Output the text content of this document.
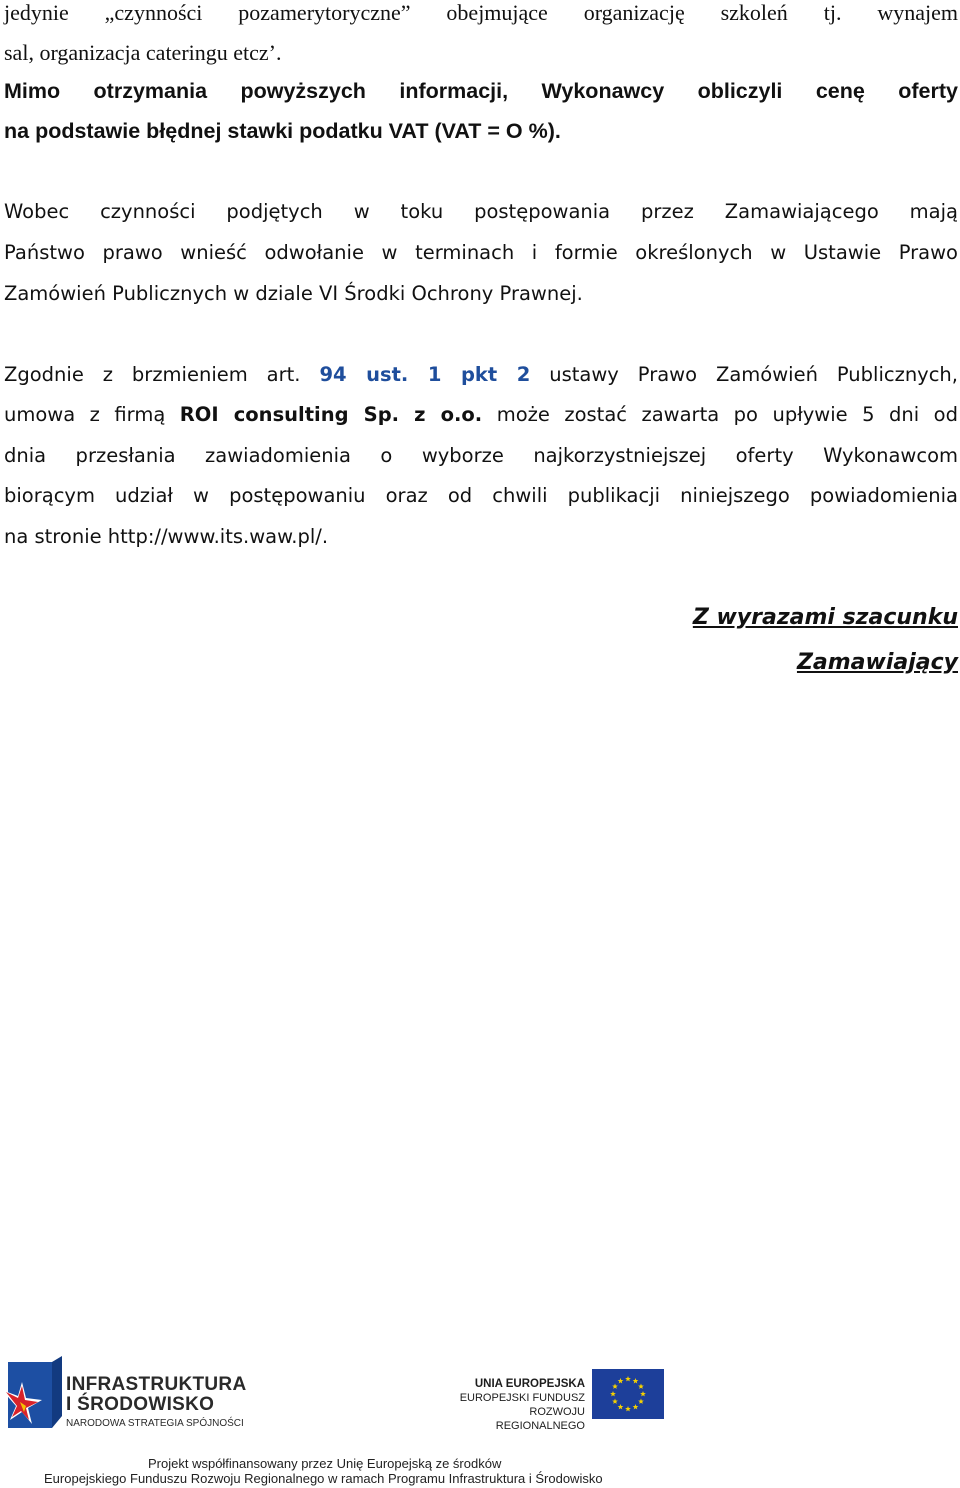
jedynie „czynności pozamerytoryczne” obejmujące organizację szkoleń tj. wynajem
sal, organizacja cateringu etcz’.
Mimo otrzymania powyższych informacji, Wykonawcy obliczyli cenę oferty
na podstawie błędnej stawki podatku VAT (VAT = O %).
Wobec czynności podjętych w toku postępowania przez Zamawiającego mają
Państwo prawo wnieść odwołanie w terminach i formie określonych w Ustawie Prawo
Zamówień Publicznych w dziale VI Środki Ochrony Prawnej.
Zgodnie z brzmieniem art. 94 ust. 1 pkt 2 ustawy Prawo Zamówień Publicznych,
umowa z firmą ROI consulting Sp. z o.o. może zostać zawarta po upływie 5 dni od
dnia przesłania zawiadomienia o wyborze najkorzystniejszej oferty Wykonawcom
biorącym udział w postępowaniu oraz od chwili publikacji niniejszego powiadomienia
na stronie http://www.its.waw.pl/.
Z wyrazami szacunku
Zamawiający
INFRASTRUKTURA
I ŚRODOWISKO
NARODOWA STRATEGIA SPÓJNOŚCI
UNIA EUROPEJSKA
EUROPEJSKI FUNDUSZ
ROZWOJU REGIONALNEGO
Projekt współfinansowany przez Unię Europejską ze środków
Europejskiego Funduszu Rozwoju Regionalnego w ramach Programu Infrastruktura i Środowisko
